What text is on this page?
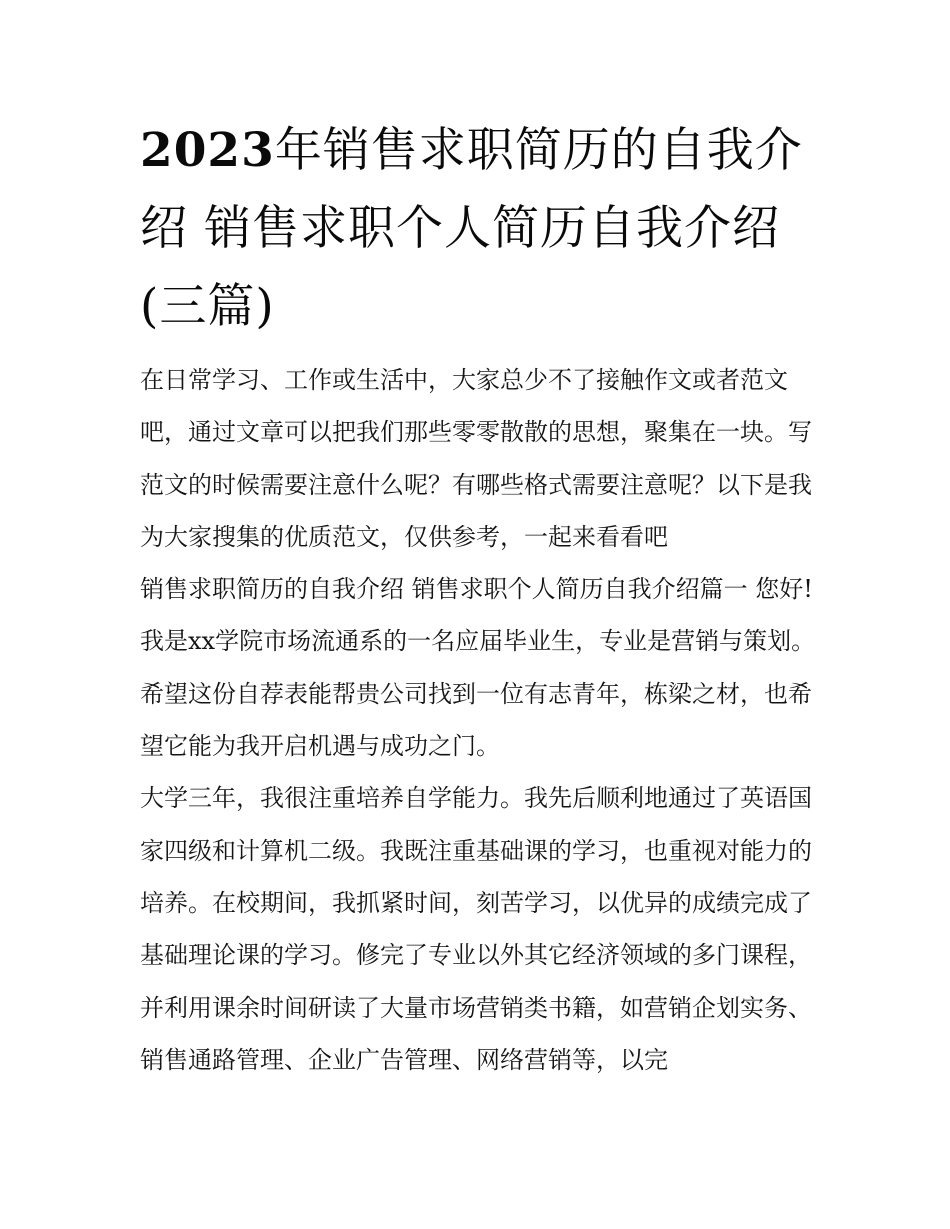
2023年销售求职简历的自我介绍 销售求职个人简历自我介绍(三篇)

在日常学习、工作或生活中，大家总少不了接触作文或者范文吧，通过文章可以把我们那些零零散散的思想，聚集在一块。写范文的时候需要注意什么呢？有哪些格式需要注意呢？以下是我为大家搜集的优质范文，仅供参考，一起来看看吧

销售求职简历的自我介绍 销售求职个人简历自我介绍篇一 您好!

我是xx学院市场流通系的一名应届毕业生，专业是营销与策划。希望这份自荐表能帮贵公司找到一位有志青年，栋梁之材，也希望它能为我开启机遇与成功之门。

大学三年，我很注重培养自学能力。我先后顺利地通过了英语国家四级和计算机二级。我既注重基础课的学习，也重视对能力的培养。在校期间，我抓紧时间，刻苦学习，以优异的成绩完成了基础理论课的学习。修完了专业以外其它经济领域的多门课程，并利用课余时间研读了大量市场营销类书籍，如营销企划实务、销售通路管理、企业广告管理、网络营销等，以完
